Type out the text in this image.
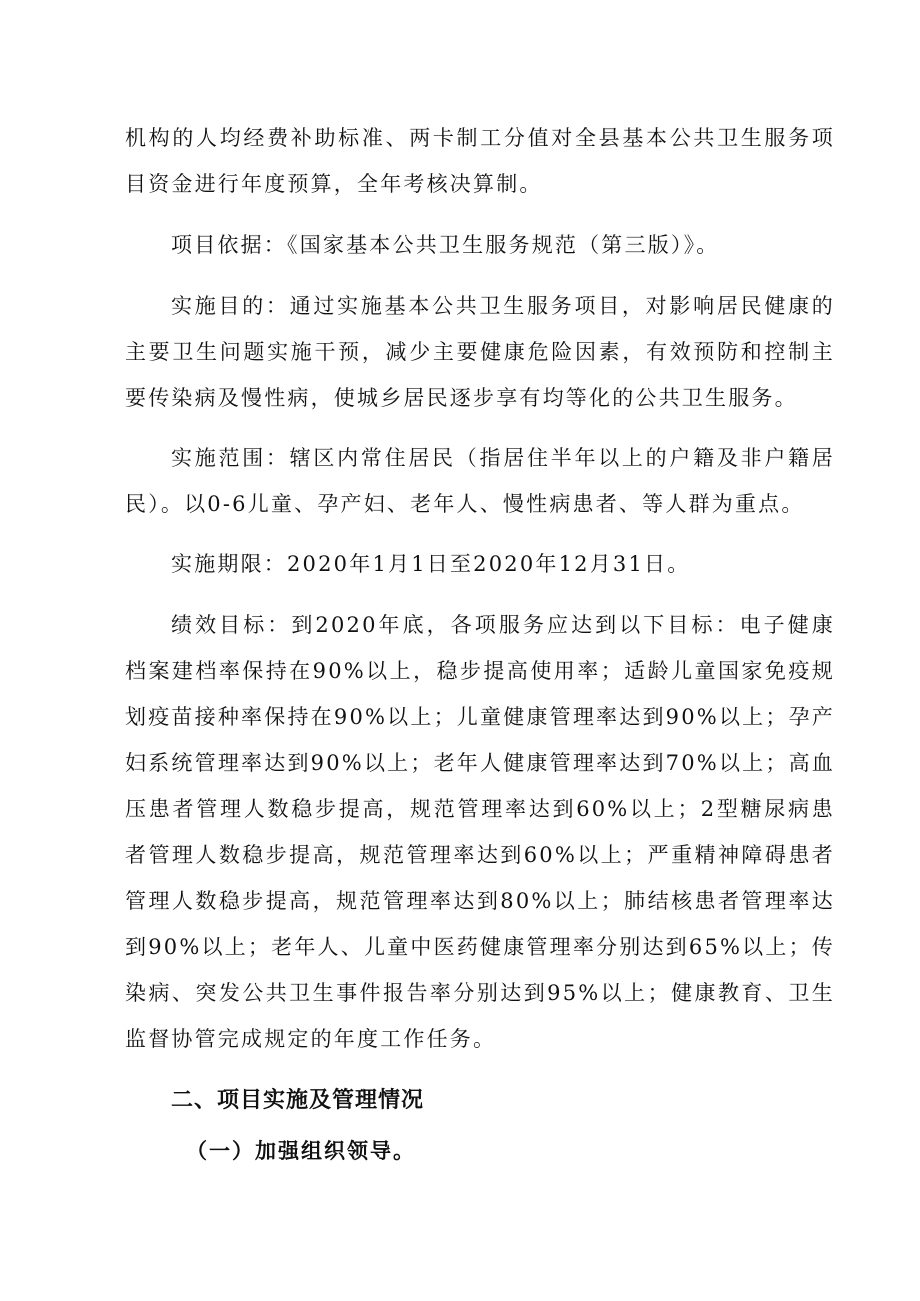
机构的人均经费补助标准、两卡制工分值对全县基本公共卫生服务项目资金进行年度预算，全年考核决算制。

项目依据：《国家基本公共卫生服务规范（第三版）》。

实施目的：通过实施基本公共卫生服务项目，对影响居民健康的主要卫生问题实施干预，减少主要健康危险因素，有效预防和控制主要传染病及慢性病，使城乡居民逐步享有均等化的公共卫生服务。

实施范围：辖区内常住居民（指居住半年以上的户籍及非户籍居民）。以0-6儿童、孕产妇、老年人、慢性病患者、等人群为重点。

实施期限：2020年1月1日至2020年12月31日。

绩效目标：到2020年底，各项服务应达到以下目标：电子健康档案建档率保持在90%以上，稳步提高使用率；适龄儿童国家免疫规划疫苗接种率保持在90%以上；儿童健康管理率达到90%以上；孕产妇系统管理率达到90%以上；老年人健康管理率达到70%以上；高血压患者管理人数稳步提高，规范管理率达到60%以上；2型糖尿病患者管理人数稳步提高，规范管理率达到60%以上；严重精神障碍患者管理人数稳步提高，规范管理率达到80%以上；肺结核患者管理率达到90%以上；老年人、儿童中医药健康管理率分别达到65%以上；传染病、突发公共卫生事件报告率分别达到95%以上；健康教育、卫生监督协管完成规定的年度工作任务。

二、项目实施及管理情况
（一）加强组织领导。
